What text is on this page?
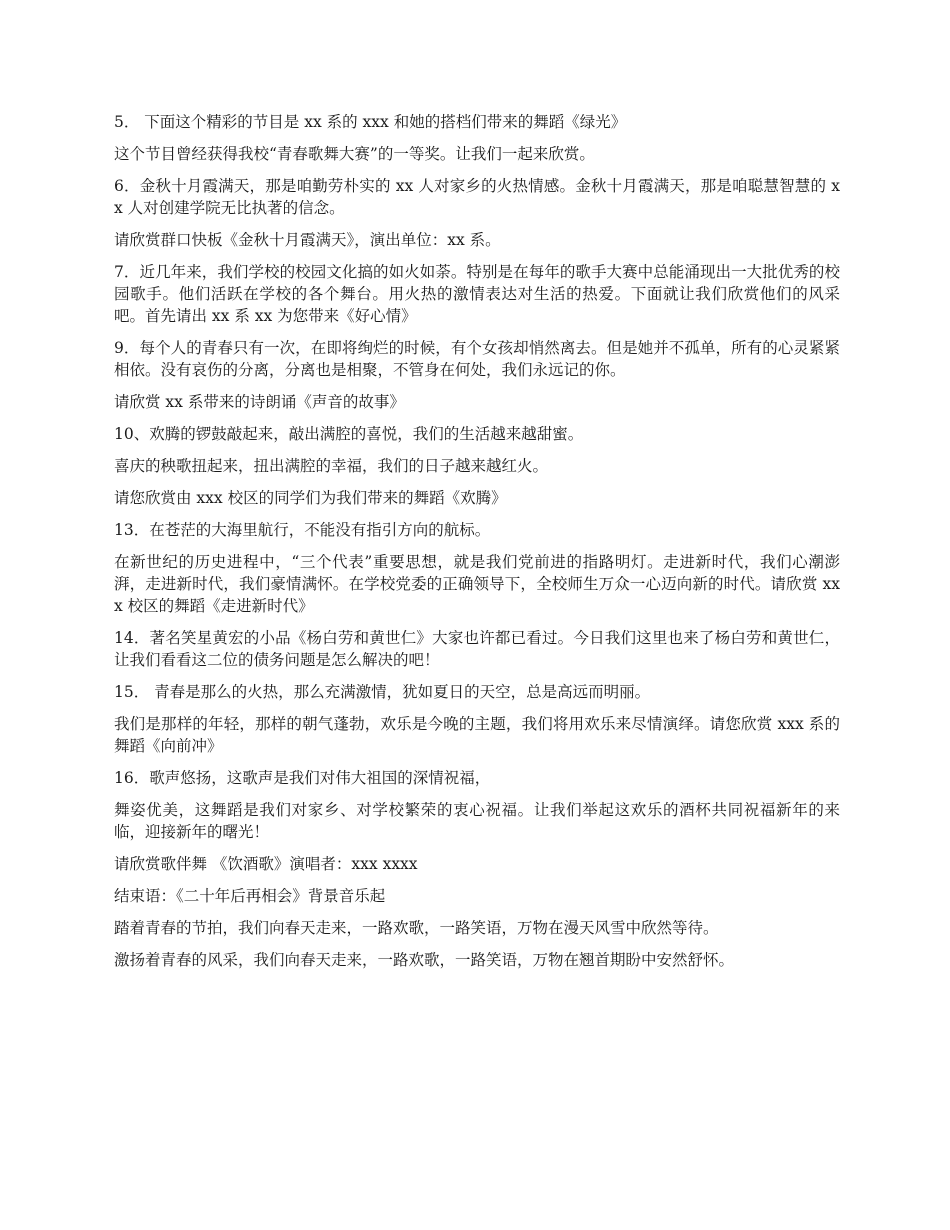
5． 下面这个精彩的节目是 xx 系的 xxx 和她的搭档们带来的舞蹈《绿光》

这个节目曾经获得我校“青春歌舞大赛”的一等奖。让我们一起来欣赏。

6．金秋十月霞满天，那是咱勤劳朴实的 xx 人对家乡的火热情感。金秋十月霞满天，那是咱聪慧智慧的 xx 人对创建学院无比执著的信念。

请欣赏群口快板《金秋十月霞满天》，演出单位：xx 系。

7．近几年来，我们学校的校园文化搞的如火如荼。特别是在每年的歌手大赛中总能涌现出一大批优秀的校园歌手。他们活跃在学校的各个舞台。用火热的激情表达对生活的热爱。下面就让我们欣赏他们的风采吧。首先请出 xx 系 xx 为您带来《好心情》

9．每个人的青春只有一次，在即将绚烂的时候，有个女孩却悄然离去。但是她并不孤单，所有的心灵紧紧相依。没有哀伤的分离，分离也是相聚，不管身在何处，我们永远记的你。

请欣赏 xx 系带来的诗朗诵《声音的故事》

10、欢腾的锣鼓敲起来，敲出满腔的喜悦，我们的生活越来越甜蜜。

喜庆的秧歌扭起来，扭出满腔的幸福，我们的日子越来越红火。

请您欣赏由 xxx 校区的同学们为我们带来的舞蹈《欢腾》

13．在苍茫的大海里航行，不能没有指引方向的航标。

在新世纪的历史进程中，“三个代表”重要思想，就是我们党前进的指路明灯。走进新时代，我们心潮澎湃，走进新时代，我们豪情满怀。在学校党委的正确领导下，全校师生万众一心迈向新的时代。请欣赏 xxx 校区的舞蹈《走进新时代》

14．著名笑星黄宏的小品《杨白劳和黄世仁》大家也许都已看过。今日我们这里也来了杨白劳和黄世仁，让我们看看这二位的债务问题是怎么解决的吧！

15． 青春是那么的火热，那么充满激情，犹如夏日的天空，总是高远而明丽。

我们是那样的年轻，那样的朝气蓬勃，欢乐是今晚的主题，我们将用欢乐来尽情演绎。请您欣赏 xxx 系的舞蹈《向前冲》

16．歌声悠扬，这歌声是我们对伟大祖国的深情祝福，

舞姿优美，这舞蹈是我们对家乡、对学校繁荣的衷心祝福。让我们举起这欢乐的酒杯共同祝福新年的来临，迎接新年的曙光！

请欣赏歌伴舞 《饮酒歌》演唱者：xxx xxxx

结束语：《二十年后再相会》背景音乐起

踏着青春的节拍，我们向春天走来，一路欢歌，一路笑语，万物在漫天风雪中欣然等待。

激扬着青春的风采，我们向春天走来，一路欢歌，一路笑语，万物在翘首期盼中安然舒怀。
